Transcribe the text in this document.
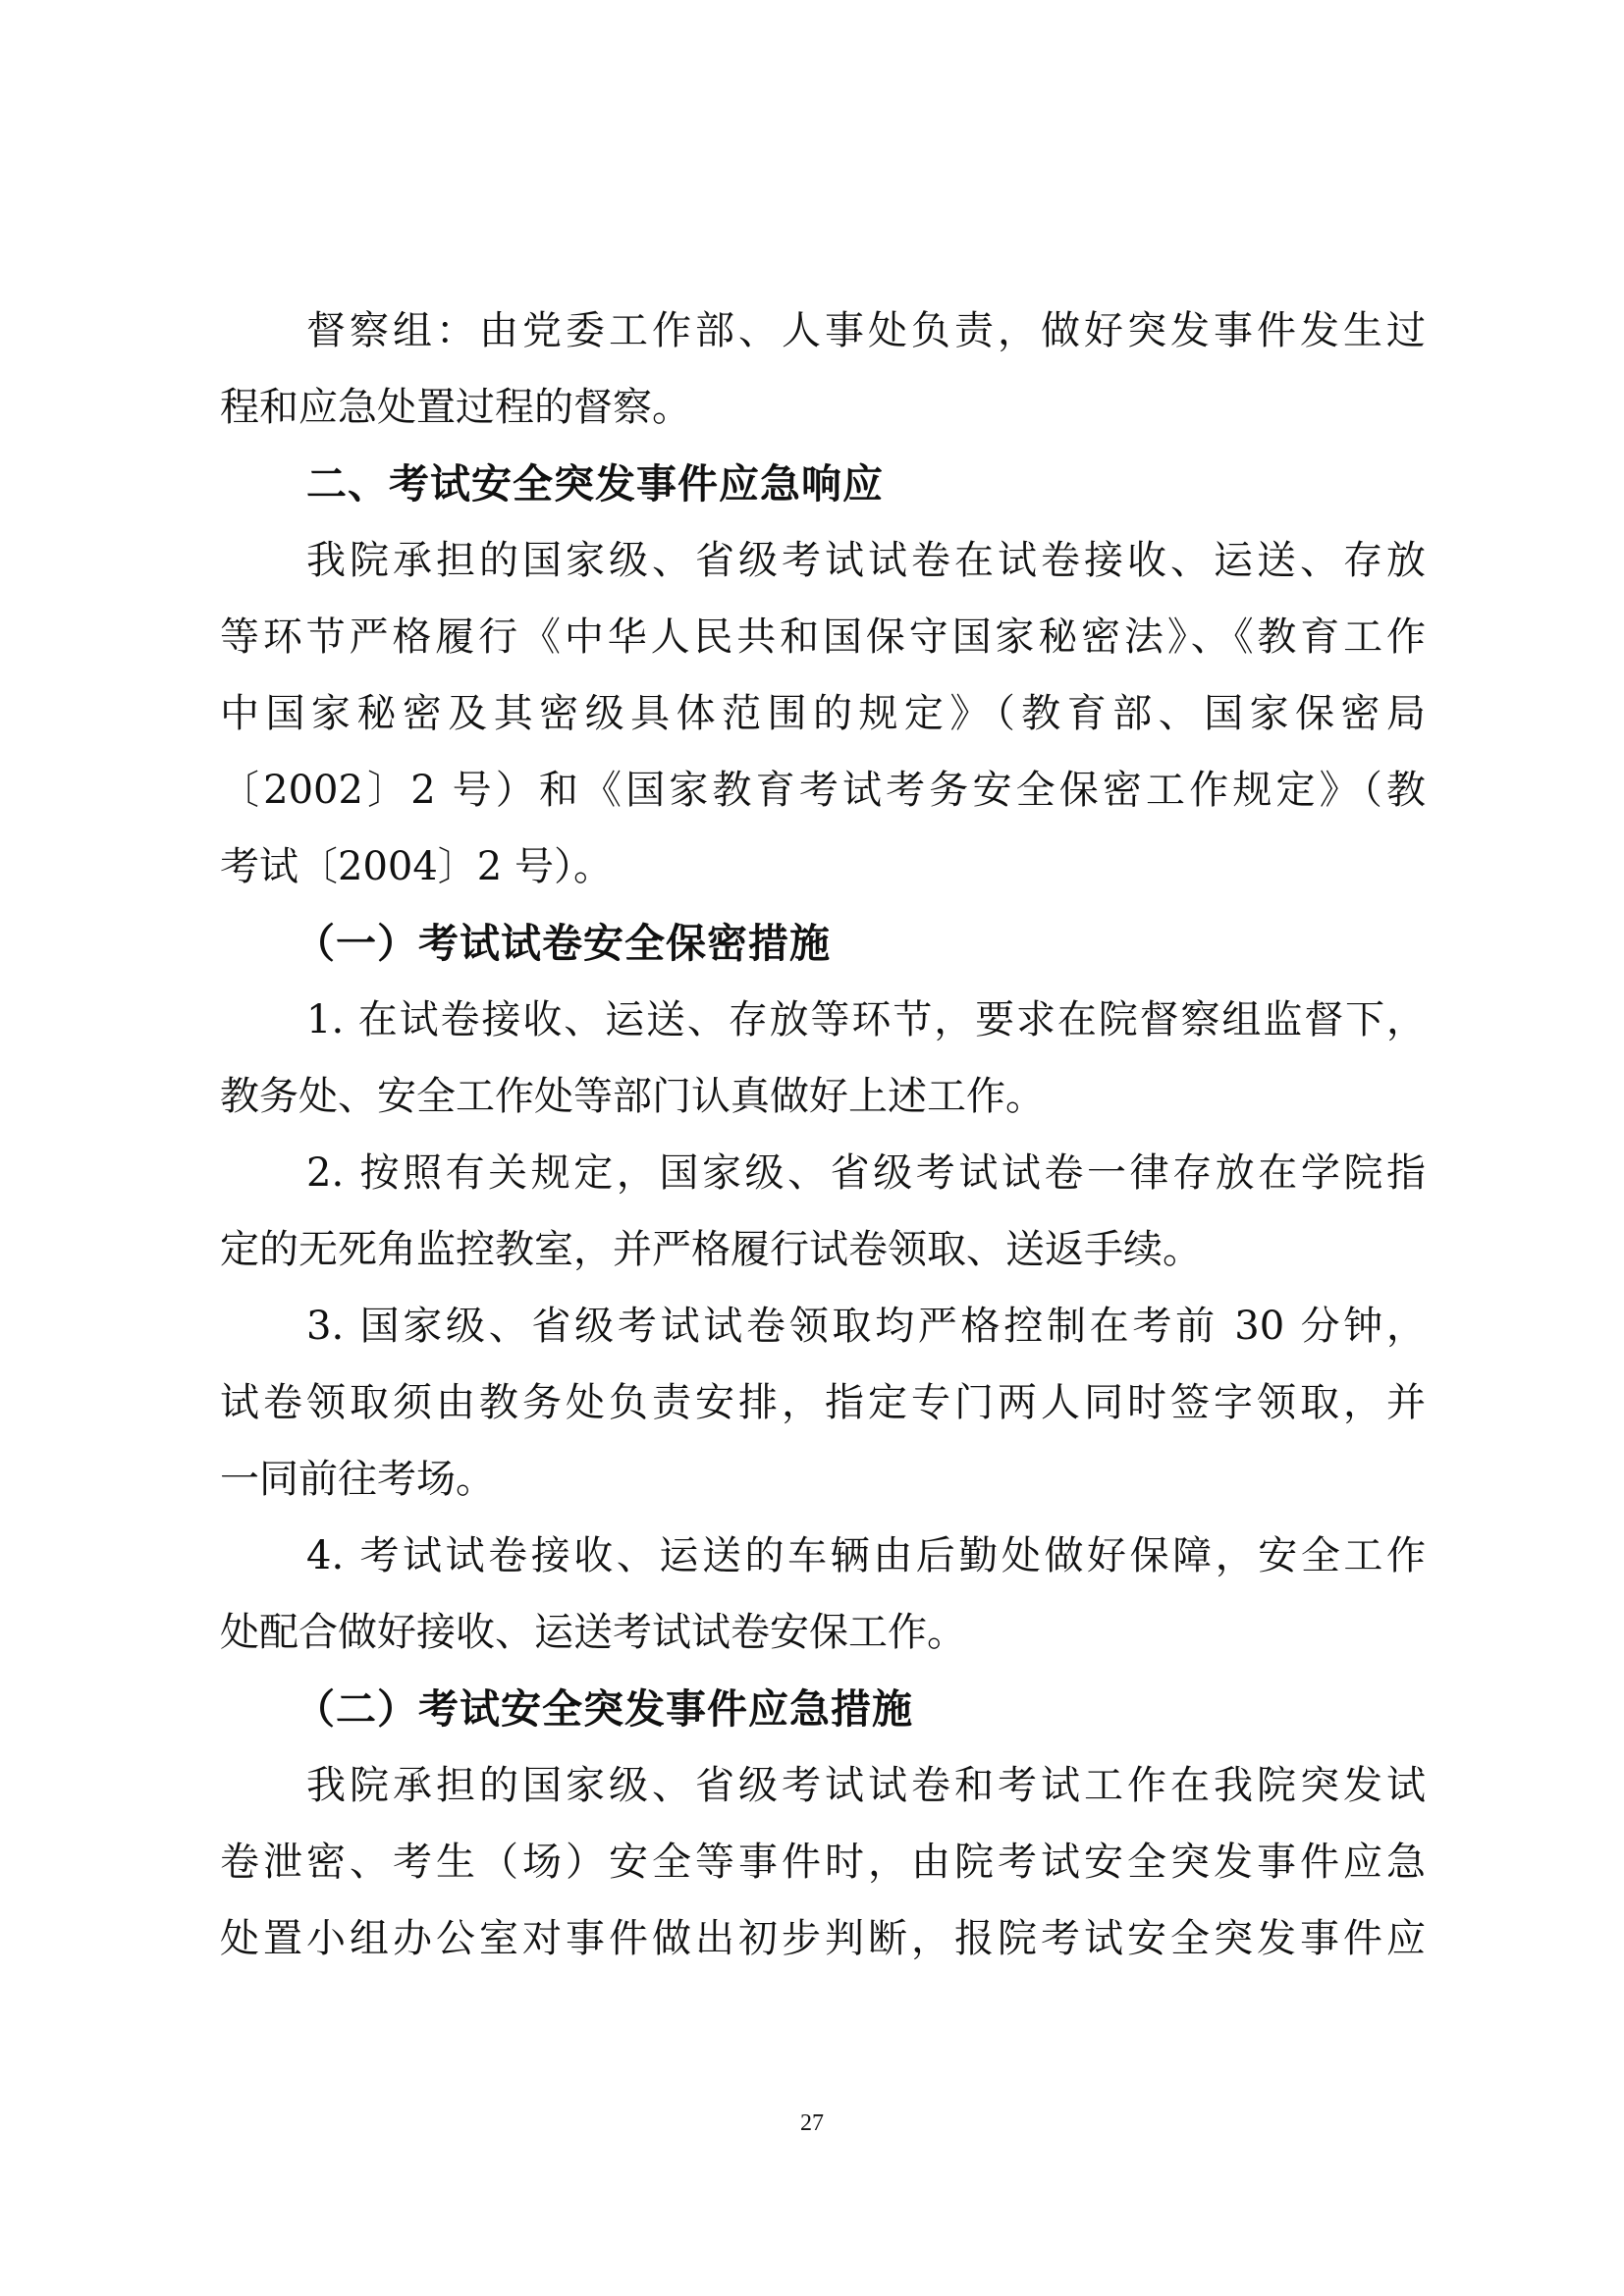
督察组：由党委工作部、人事处负责，做好突发事件发生过
程和应急处置过程的督察。
二、考试安全突发事件应急响应
我院承担的国家级、省级考试试卷在试卷接收、运送、存放
等环节严格履行《中华人民共和国保守国家秘密法》、《教育工作
中国家秘密及其密级具体范围的规定》（教育部、国家保密局
〔2002〕2 号）和《国家教育考试考务安全保密工作规定》（教
考试〔2004〕2 号）。
（一）考试试卷安全保密措施
1. 在试卷接收、运送、存放等环节，要求在院督察组监督下，
教务处、安全工作处等部门认真做好上述工作。
2. 按照有关规定，国家级、省级考试试卷一律存放在学院指
定的无死角监控教室，并严格履行试卷领取、送返手续。
3. 国家级、省级考试试卷领取均严格控制在考前 30 分钟，
试卷领取须由教务处负责安排，指定专门两人同时签字领取，并
一同前往考场。
4. 考试试卷接收、运送的车辆由后勤处做好保障，安全工作
处配合做好接收、运送考试试卷安保工作。
（二）考试安全突发事件应急措施
我院承担的国家级、省级考试试卷和考试工作在我院突发试
卷泄密、考生（场）安全等事件时，由院考试安全突发事件应急
处置小组办公室对事件做出初步判断，报院考试安全突发事件应
27
